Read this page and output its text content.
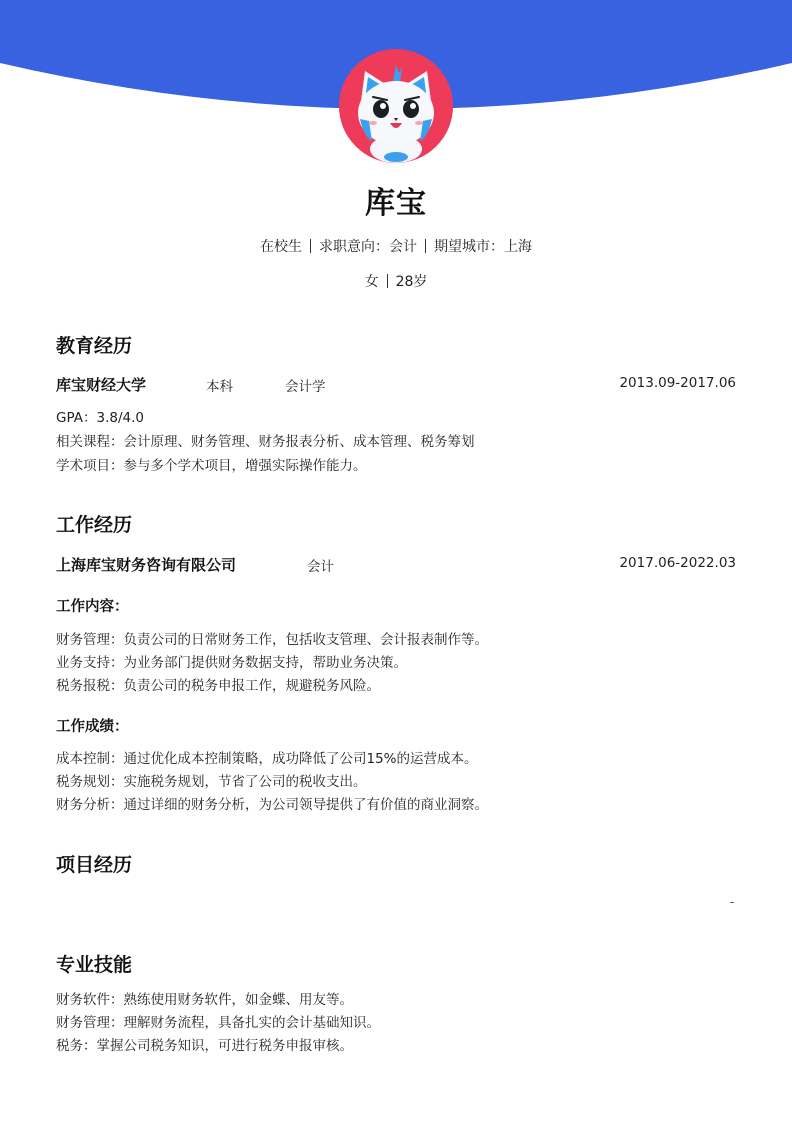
库宝
在校生 求职意向：会计 期望城市：上海
女 28岁
教育经历
库宝财经大学	本科	会计学	2013.09-2017.06
GPA：3.8/4.0
相关课程：会计原理、财务管理、财务报表分析、成本管理、税务筹划
学术项目：参与多个学术项目，增强实际操作能力。
工作经历
上海库宝财务咨询有限公司	会计	2017.06-2022.03
工作内容：
财务管理：负责公司的日常财务工作，包括收支管理、会计报表制作等。
业务支持：为业务部门提供财务数据支持，帮助业务决策。
税务报税：负责公司的税务申报工作，规避税务风险。
工作成绩：
成本控制：通过优化成本控制策略，成功降低了公司15%的运营成本。
税务规划：实施税务规划，节省了公司的税收支出。
财务分析：通过详细的财务分析，为公司领导提供了有价值的商业洞察。
项目经历
-
专业技能
财务软件：熟练使用财务软件，如金蝶、用友等。
财务管理：理解财务流程，具备扎实的会计基础知识。
税务：掌握公司税务知识，可进行税务申报审核。
